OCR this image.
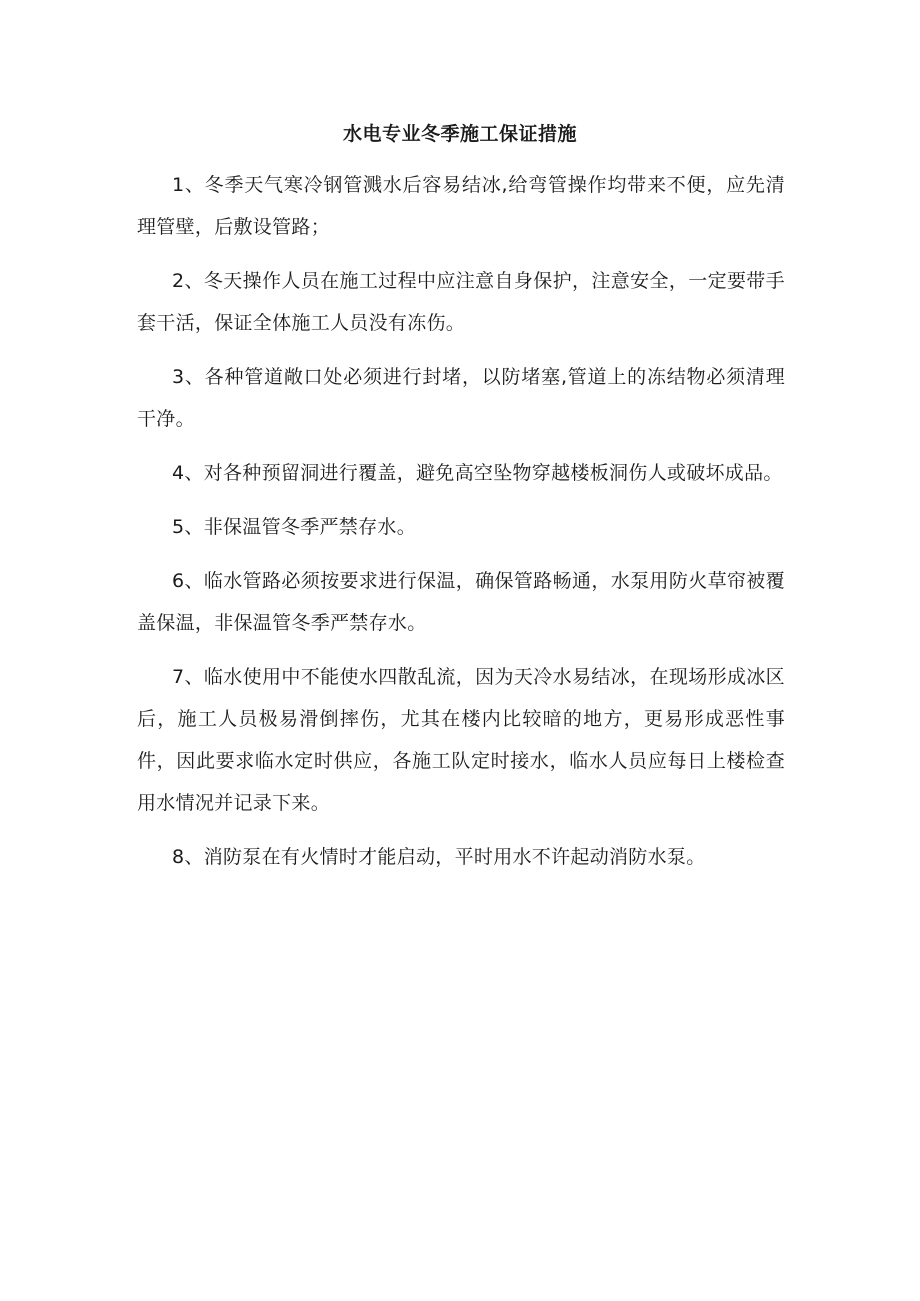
水电专业冬季施工保证措施

1、冬季天气寒冷钢管溅水后容易结冰,给弯管操作均带来不便，应先清理管壁，后敷设管路；

2、冬天操作人员在施工过程中应注意自身保护，注意安全，一定要带手套干活，保证全体施工人员没有冻伤。

3、各种管道敞口处必须进行封堵，以防堵塞,管道上的冻结物必须清理干净。

4、对各种预留洞进行覆盖，避免高空坠物穿越楼板洞伤人或破坏成品。

5、非保温管冬季严禁存水。

6、临水管路必须按要求进行保温，确保管路畅通，水泵用防火草帘被覆盖保温，非保温管冬季严禁存水。

7、临水使用中不能使水四散乱流，因为天冷水易结冰，在现场形成冰区后，施工人员极易滑倒摔伤，尤其在楼内比较暗的地方，更易形成恶性事件，因此要求临水定时供应，各施工队定时接水，临水人员应每日上楼检查用水情况并记录下来。

8、消防泵在有火情时才能启动，平时用水不许起动消防水泵。
